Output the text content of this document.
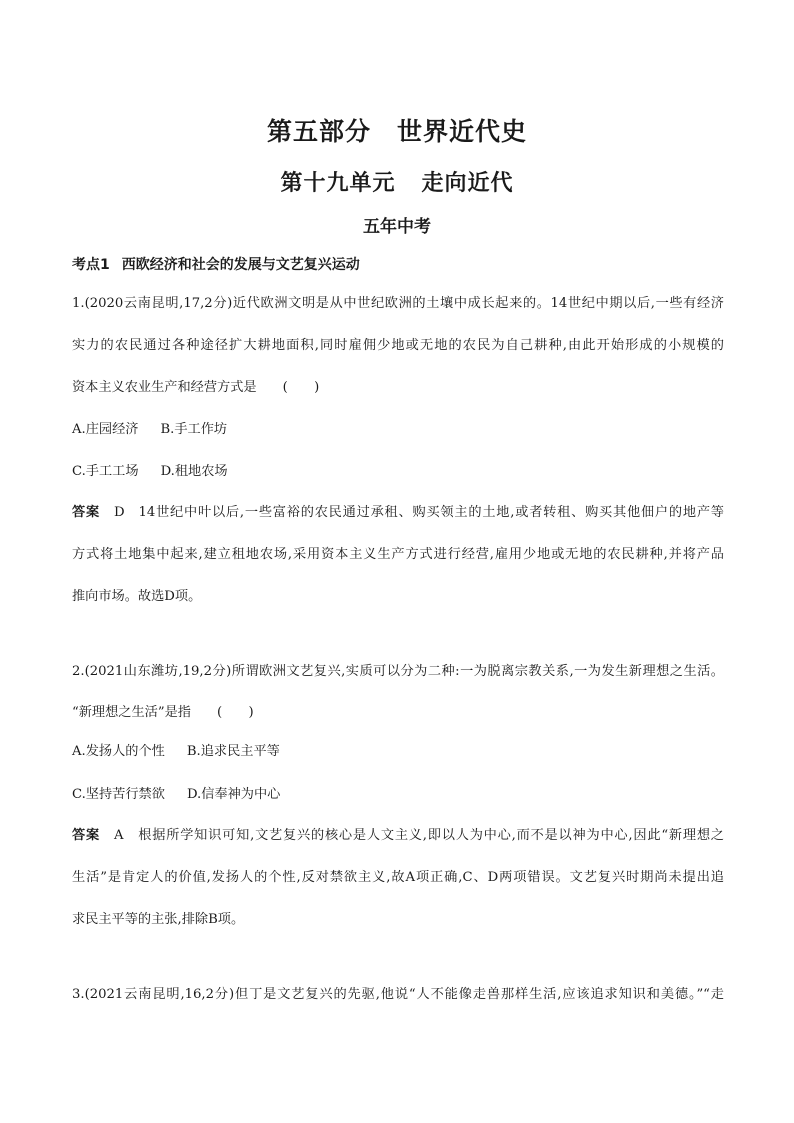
第五部分 世界近代史
第十九单元 走向近代
五年中考
考点1 西欧经济和社会的发展与文艺复兴运动
1.(2020云南昆明,17,2分)近代欧洲文明是从中世纪欧洲的土壤中成长起来的。14世纪中期以后,一些有经济
实力的农民通过各种途径扩大耕地面积,同时雇佣少地或无地的农民为自己耕种,由此开始形成的小规模的
资本主义农业生产和经营方式是 (　　)
A.庄园经济 B.手工作坊
C.手工工场 D.租地农场
答案 D 14世纪中叶以后,一些富裕的农民通过承租、购买领主的土地,或者转租、购买其他佃户的地产等
方式将土地集中起来,建立租地农场,采用资本主义生产方式进行经营,雇用少地或无地的农民耕种,并将产品
推向市场。故选D项。
2.(2021山东潍坊,19,2分)所谓欧洲文艺复兴,实质可以分为二种:一为脱离宗教关系,一为发生新理想之生活。
“新理想之生活”是指 (　　)
A.发扬人的个性 B.追求民主平等
C.坚持苦行禁欲 D.信奉神为中心
答案 A 根据所学知识可知,文艺复兴的核心是人文主义,即以人为中心,而不是以神为中心,因此“新理想之
生活”是肯定人的价值,发扬人的个性,反对禁欲主义,故A项正确,C、D两项错误。文艺复兴时期尚未提出追
求民主平等的主张,排除B项。
3.(2021云南昆明,16,2分)但丁是文艺复兴的先驱,他说“人不能像走兽那样生活,应该追求知识和美德。”“走
